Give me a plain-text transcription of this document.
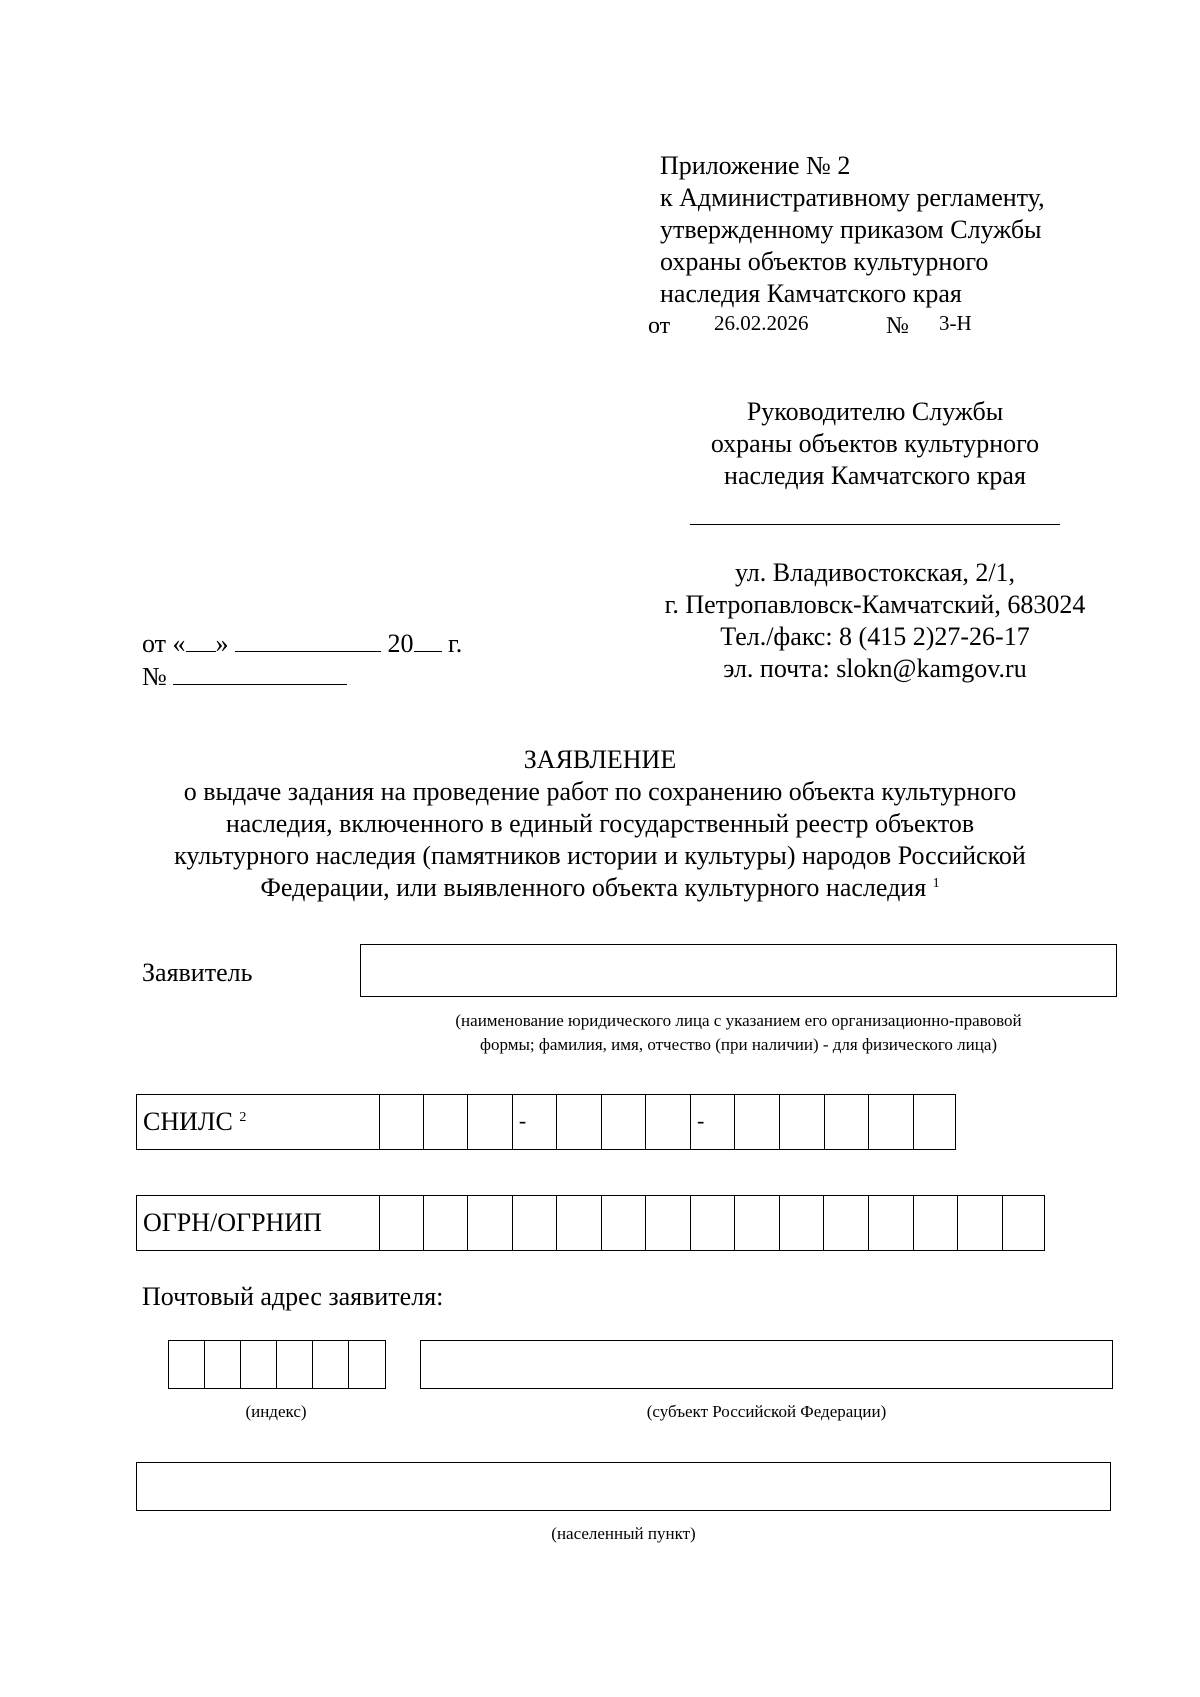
Приложение № 2
к Административному регламенту,
утвержденному приказом Службы
охраны объектов культурного
наследия Камчатского края
от 26.02.2026	№ 3-Н
Руководителю Службы
охраны объектов культурного
наследия Камчатского края
ул. Владивостокская, 2/1,
г. Петропавловск-Камчатский, 683024
Тел./факс: 8 (415 2)27-26-17
эл. почта: slokn@kamgov.ru
от « »	20 г.
№
ЗАЯВЛЕНИЕ
о выдаче задания на проведение работ по сохранению объекта культурного
наследия, включенного в единый государственный реестр объектов
культурного наследия (памятников истории и культуры) народов Российской
Федерации, или выявленного объекта культурного наследия $^1$
Заявитель
(наименование юридического лица с указанием его организационно-правовой
формы; фамилия, имя, отчество (при наличии) - для физического лица)
СНИЛС
$^2$	-	-
ОГРН/ОГРНИП
Почтовый адрес заявителя:
(индекс)	(субъект Российской Федерации)
(населенный пункт)
